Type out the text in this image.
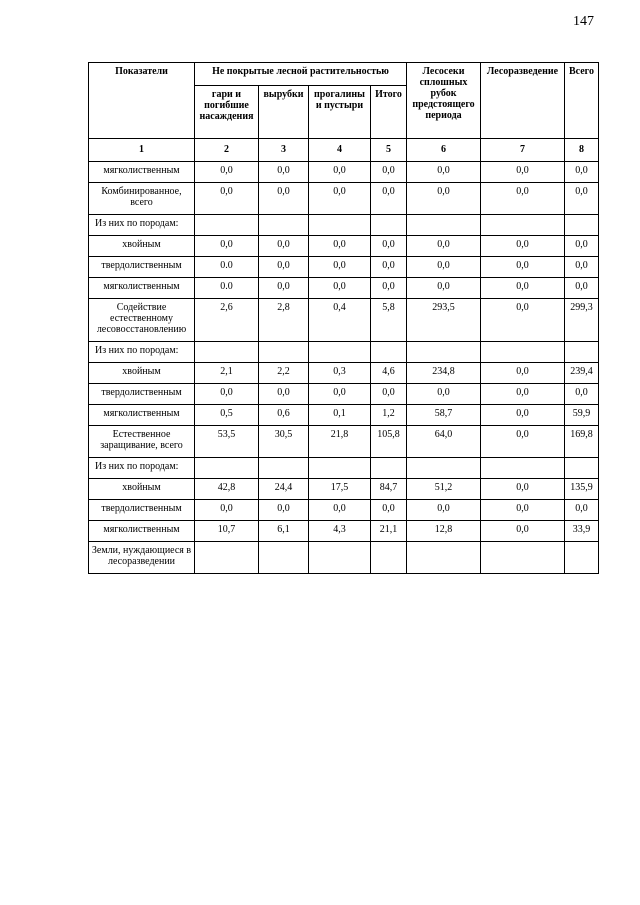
147
Показатели	Не покрытые лесной растительностью				Лесосеки сплошных рубок предстоящего периода	Лесоразведение	Всего
	гари и погибшие насаждения	вырубки	прогалины и пустыри	Итого			
1	2	3	4	5	6	7	8
мягколиственным	0,0	0,0	0,0	0,0	0,0	0,0	0,0
Комбинированное, всего	0,0	0,0	0,0	0,0	0,0	0,0	0,0
Из них по породам:							
хвойным	0,0	0,0	0,0	0,0	0,0	0,0	0,0
твердолиственным	0.0	0,0	0,0	0,0	0,0	0,0	0,0
мягколиственным	0.0	0,0	0,0	0,0	0,0	0,0	0,0
Содействие естественному лесовосстановлению	2,6	2,8	0,4	5,8	293,5	0,0	299,3
Из них по породам:							
хвойным	2,1	2,2	0,3	4,6	234,8	0,0	239,4
твердолиственным	0,0	0,0	0,0	0,0	0,0	0,0	0,0
мягколиственным	0,5	0,6	0,1	1,2	58,7	0,0	59,9
Естественное заращивание, всего	53,5	30,5	21,8	105,8	64,0	0,0	169,8
Из них по породам:							
хвойным	42,8	24,4	17,5	84,7	51,2	0,0	135,9
твердолиственным	0,0	0,0	0,0	0,0	0,0	0,0	0,0
мягколиственным	10,7	6,1	4,3	21,1	12,8	0,0	33,9
Земли, нуждающиеся в лесоразведении							
